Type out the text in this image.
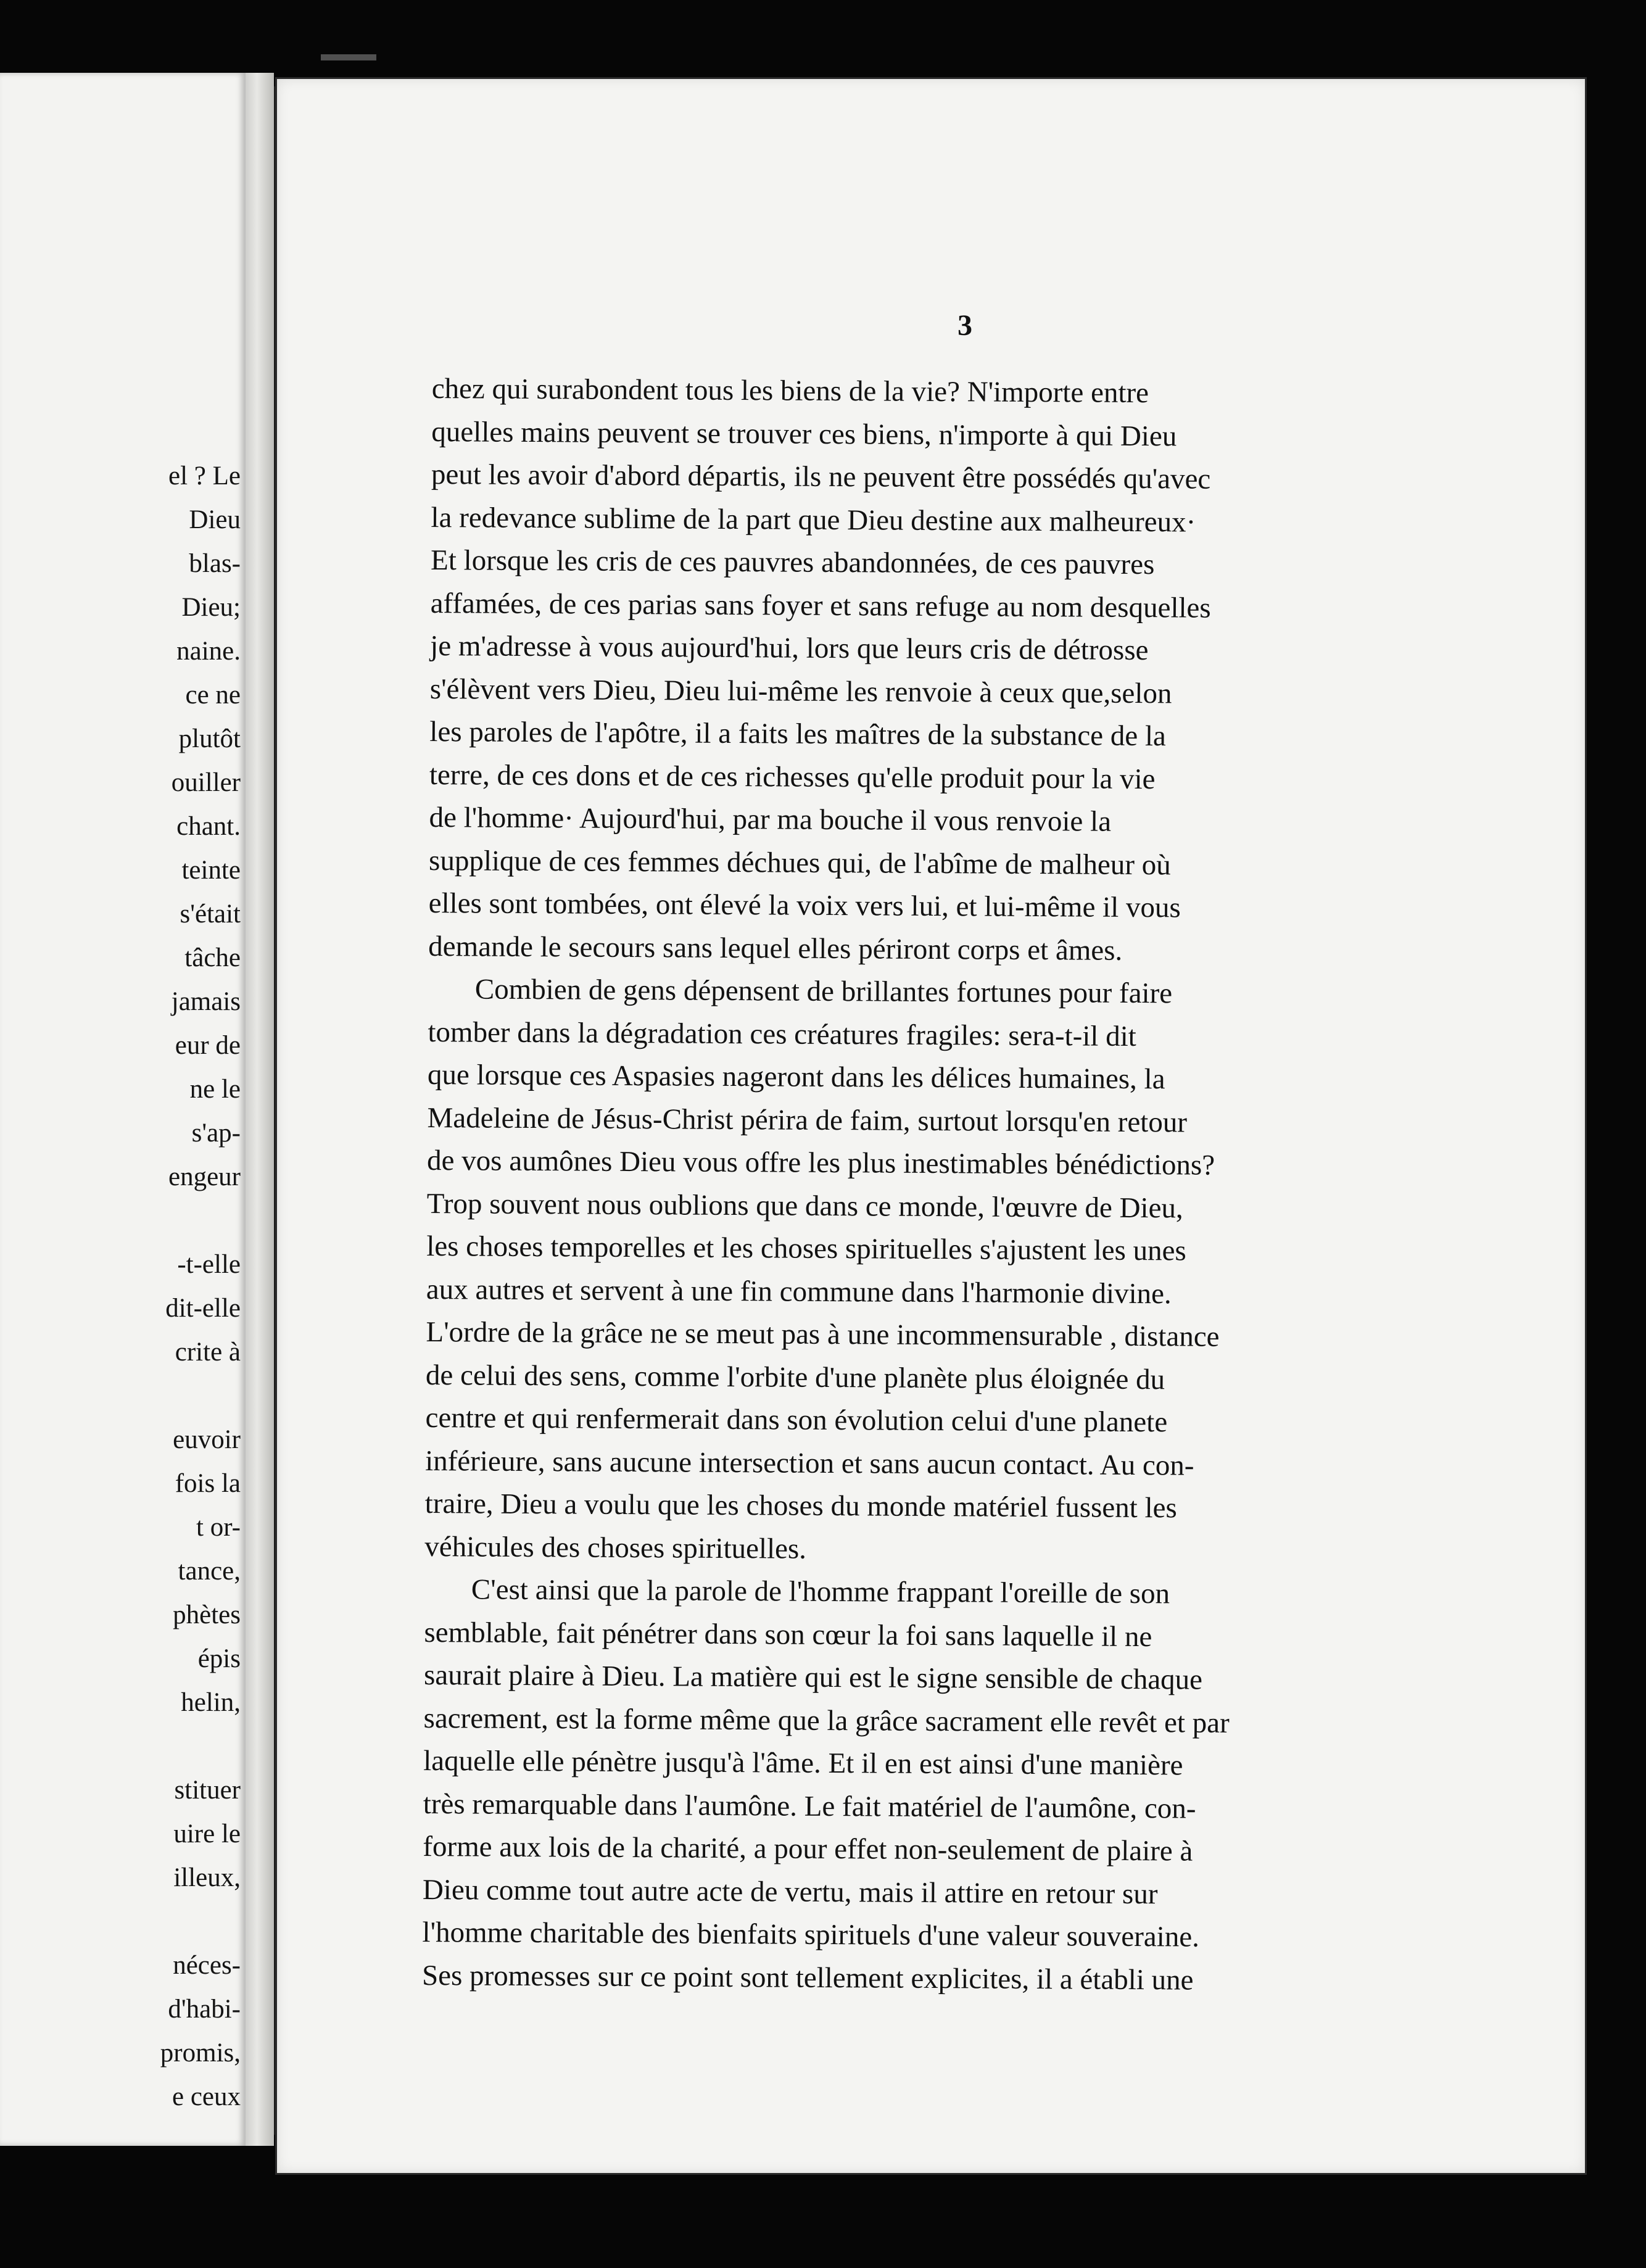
el ? Le
Dieu
blas-
Dieu;
naine.
ce ne
plutôt
ouiller
chant.
teinte
s'était
tâche
jamais
eur de
ne le
s'ap-
engeur
-t-elle
dit-elle
crite à
euvoir
fois la
t or-
tance,
phètes
épis
helin,
stituer
uire le
illeux,
néces-
d'habi-
promis,
e ceux
3
chez qui surabondent tous les biens de la vie? N'importe entre
quelles mains peuvent se trouver ces biens, n'importe à qui Dieu
peut les avoir d'abord départis, ils ne peuvent être possédés qu'avec
la redevance sublime de la part que Dieu destine aux malheureux·
Et lorsque les cris de ces pauvres abandonnées, de ces pauvres
affamées, de ces parias sans foyer et sans refuge au nom desquelles
je m'adresse à vous aujourd'hui, lors que leurs cris de détrosse
s'élèvent vers Dieu, Dieu lui-même les renvoie à ceux que,selon
les paroles de l'apôtre, il a faits les maîtres de la substance de la
terre, de ces dons et de ces richesses qu'elle produit pour la vie
de l'homme· Aujourd'hui, par ma bouche il vous renvoie la
supplique de ces femmes déchues qui, de l'abîme de malheur où
elles sont tombées, ont élevé la voix vers lui, et lui-même il vous
demande le secours sans lequel elles périront corps et âmes.
Combien de gens dépensent de brillantes fortunes pour faire
tomber dans la dégradation ces créatures fragiles: sera-t-il dit
que lorsque ces Aspasies nageront dans les délices humaines, la
Madeleine de Jésus-Christ périra de faim, surtout lorsqu'en retour
de vos aumônes Dieu vous offre les plus inestimables bénédictions?
Trop souvent nous oublions que dans ce monde, l'œuvre de Dieu,
les choses temporelles et les choses spirituelles s'ajustent les unes
aux autres et servent à une fin commune dans l'harmonie divine.
L'ordre de la grâce ne se meut pas à une incommensurable , distance
de celui des sens, comme l'orbite d'une planète plus éloignée du
centre et qui renfermerait dans son évolution celui d'une planete
inférieure, sans aucune intersection et sans aucun contact. Au con-
traire, Dieu a voulu que les choses du monde matériel fussent les
véhicules des choses spirituelles.
C'est ainsi que la parole de l'homme frappant l'oreille de son
semblable, fait pénétrer dans son cœur la foi sans laquelle il ne
saurait plaire à Dieu. La matière qui est le signe sensible de chaque
sacrement, est la forme même que la grâce sacrament elle revêt et par
laquelle elle pénètre jusqu'à l'âme. Et il en est ainsi d'une manière
très remarquable dans l'aumône. Le fait matériel de l'aumône, con-
forme aux lois de la charité, a pour effet non-seulement de plaire à
Dieu comme tout autre acte de vertu, mais il attire en retour sur
l'homme charitable des bienfaits spirituels d'une valeur souveraine.
Ses promesses sur ce point sont tellement explicites, il a établi une
